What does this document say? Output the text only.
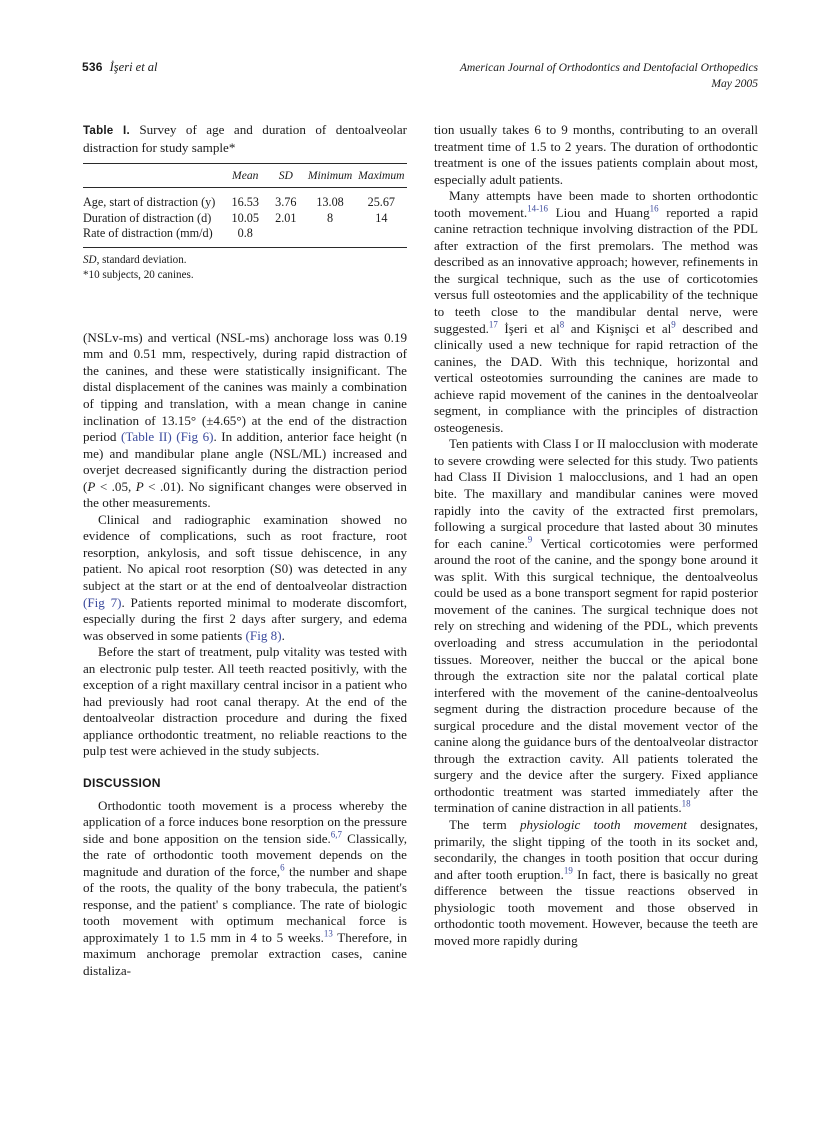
536 İşeri et al	American Journal of Orthodontics and Dentofacial Orthopedics
May 2005
Table I. Survey of age and duration of dentoalveolar distraction for study sample*
	Mean	SD	Minimum	Maximum
Age, start of distraction (y)	16.53	3.76	13.08	25.67
Duration of distraction (d)	10.05	2.01	8	14
Rate of distraction (mm/d)	0.8			
SD, standard deviation.
*10 subjects, 20 canines.

(NSLv-ms) and vertical (NSL-ms) anchorage loss was 0.19 mm and 0.51 mm, respectively, during rapid distraction of the canines, and these were statistically insignificant. The distal displacement of the canines was mainly a combination of tipping and translation, with a mean change in canine inclination of 13.15° (±4.65°) at the end of the distraction period (Table II) (Fig 6). In addition, anterior face height (n me) and mandibular plane angle (NSL/ML) increased and overjet decreased significantly during the distraction period (P < .05, P < .01). No significant changes were observed in the other measurements.

Clinical and radiographic examination showed no evidence of complications, such as root fracture, root resorption, ankylosis, and soft tissue dehiscence, in any patient. No apical root resorption (S0) was detected in any subject at the start or at the end of dentoalveolar distraction (Fig 7). Patients reported minimal to moderate discomfort, especially during the first 2 days after surgery, and edema was observed in some patients (Fig 8).

Before the start of treatment, pulp vitality was tested with an electronic pulp tester. All teeth reacted positivly, with the exception of a right maxillary central incisor in a patient who had previously had root canal therapy. At the end of the dentoalveolar distraction procedure and during the fixed appliance orthodontic treatment, no reliable reactions to the pulp test were achieved in the study subjects.

DISCUSSION

Orthodontic tooth movement is a process whereby the application of a force induces bone resorption on the pressure side and bone apposition on the tension side.$^{6,7}$ Classically, the rate of orthodontic tooth movement depends on the magnitude and duration of the force,$^6$ the number and shape of the roots, the quality of the bony trabecula, the patient's response, and the patient' s compliance. The rate of biologic tooth movement with optimum mechanical force is approximately 1 to 1.5 mm in 4 to 5 weeks.$^{13}$ Therefore, in maximum anchorage premolar extraction cases, canine distaliza-

tion usually takes 6 to 9 months, contributing to an overall treatment time of 1.5 to 2 years. The duration of orthodontic treatment is one of the issues patients complain about most, especially adult patients.

Many attempts have been made to shorten orthodontic tooth movement.$^{14-16}$ Liou and Huang$^{16}$ reported a rapid canine retraction technique involving distraction of the PDL after extraction of the first premolars. The method was described as an innovative approach; however, refinements in the surgical technique, such as the use of corticotomies versus full osteotomies and the applicability of the technique to teeth close to the mandibular dental nerve, were suggested.$^{17}$ İşeri et $al^8$ and Kişnişci et $al^9$ described and clinically used a new technique for rapid retraction of the canines, the DAD. With this technique, horizontal and vertical osteotomies surrounding the canines are made to achieve rapid movement of the canines in the dentoalveolar segment, in compliance with the principles of distraction osteogenesis.

Ten patients with Class I or II malocclusion with moderate to severe crowding were selected for this study. Two patients had Class II Division 1 malocclusions, and 1 had an open bite. The maxillary and mandibular canines were moved rapidly into the cavity of the extracted first premolars, following a surgical procedure that lasted about 30 minutes for each canine.$^9$ Vertical corticotomies were performed around the root of the canine, and the spongy bone around it was split. With this surgical technique, the dentoalveolus could be used as a bone transport segment for rapid posterior movement of the canines. The surgical technique does not rely on streching and widening of the PDL, which prevents overloading and stress accumulation in the periodontal tissues. Moreover, neither the buccal or the apical bone through the extraction site nor the palatal cortical plate interfered with the movement of the canine-dentoalveolus segment during the distraction procedure because of the surgical procedure and the distal movement vector of the canine along the guidance burs of the dentoalveolar distractor through the extraction cavity. All patients tolerated the surgery and the device after the surgery. Fixed appliance orthodontic treatment was started immediately after the termination of canine distraction in all patients.$^{18}$

The term physiologic tooth movement designates, primarily, the slight tipping of the tooth in its socket and, secondarily, the changes in tooth position that occur during and after tooth eruption.$^{19}$ In fact, there is basically no great difference between the tissue reactions observed in physiologic tooth movement and those observed in orthodontic tooth movement. However, because the teeth are moved more rapidly during
